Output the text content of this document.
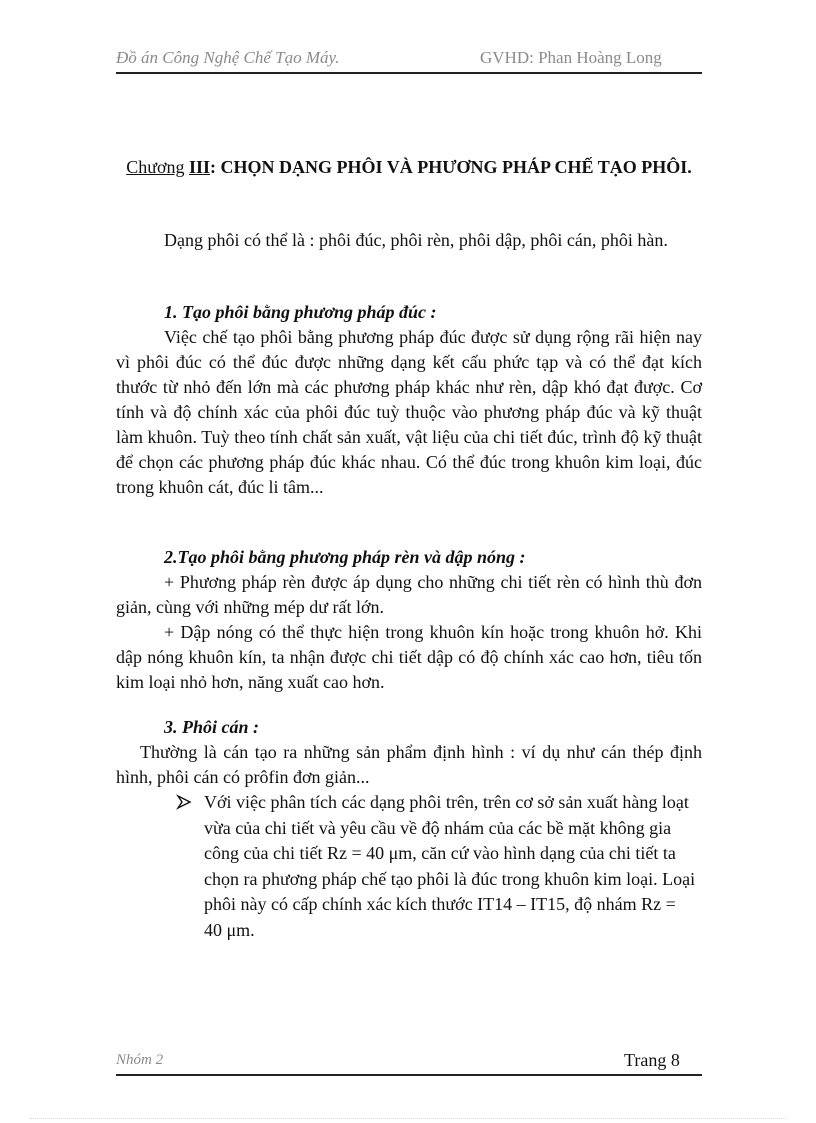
Đồ án Công Nghệ Chế Tạo Máy.	GVHD: Phan Hoàng Long
Chương III: CHỌN DẠNG PHÔI VÀ PHƯƠNG PHÁP CHẾ TẠO PHÔI.

Dạng phôi có thể là : phôi đúc, phôi rèn, phôi dập, phôi cán, phôi hàn.

1. Tạo phôi bằng phương pháp đúc :

Việc chế tạo phôi bằng phương pháp đúc được sử dụng rộng rãi hiện nay vì phôi đúc có thể đúc được những dạng kết cấu phức tạp và có thể đạt kích thước từ nhỏ đến lớn mà các phương pháp khác như rèn, dập khó đạt được. Cơ tính và độ chính xác của phôi đúc tuỳ thuộc vào phương pháp đúc và kỹ thuật làm khuôn. Tuỳ theo tính chất sản xuất, vật liệu của chi tiết đúc, trình độ kỹ thuật để chọn các phương pháp đúc khác nhau. Có thể đúc trong khuôn kim loại, đúc trong khuôn cát, đúc li tâm...

2.Tạo phôi bằng phương pháp rèn và dập nóng :

+ Phương pháp rèn được áp dụng cho những chi tiết rèn có hình thù đơn giản, cùng với những mép dư rất lớn.

+ Dập nóng có thể thực hiện trong khuôn kín hoặc trong khuôn hở. Khi dập nóng khuôn kín, ta nhận được chi tiết dập có độ chính xác cao hơn, tiêu tốn kim loại nhỏ hơn, năng xuất cao hơn.

3. Phôi cán :

Thường là cán tạo ra những sản phẩm định hình : ví dụ như cán thép định hình, phôi cán có prôfin đơn giản...

Với việc phân tích các dạng phôi trên, trên cơ sở sản xuất hàng loạt vừa của chi tiết và yêu cầu về độ nhám của các bề mặt không gia công của chi tiết Rz = 40 μm, căn cứ vào hình dạng của chi tiết ta chọn ra phương pháp chế tạo phôi là đúc trong khuôn kim loại. Loại phôi này có cấp chính xác kích thước IT14 – IT15, độ nhám Rz = 40 μm.

Nhóm 2	Trang 8
